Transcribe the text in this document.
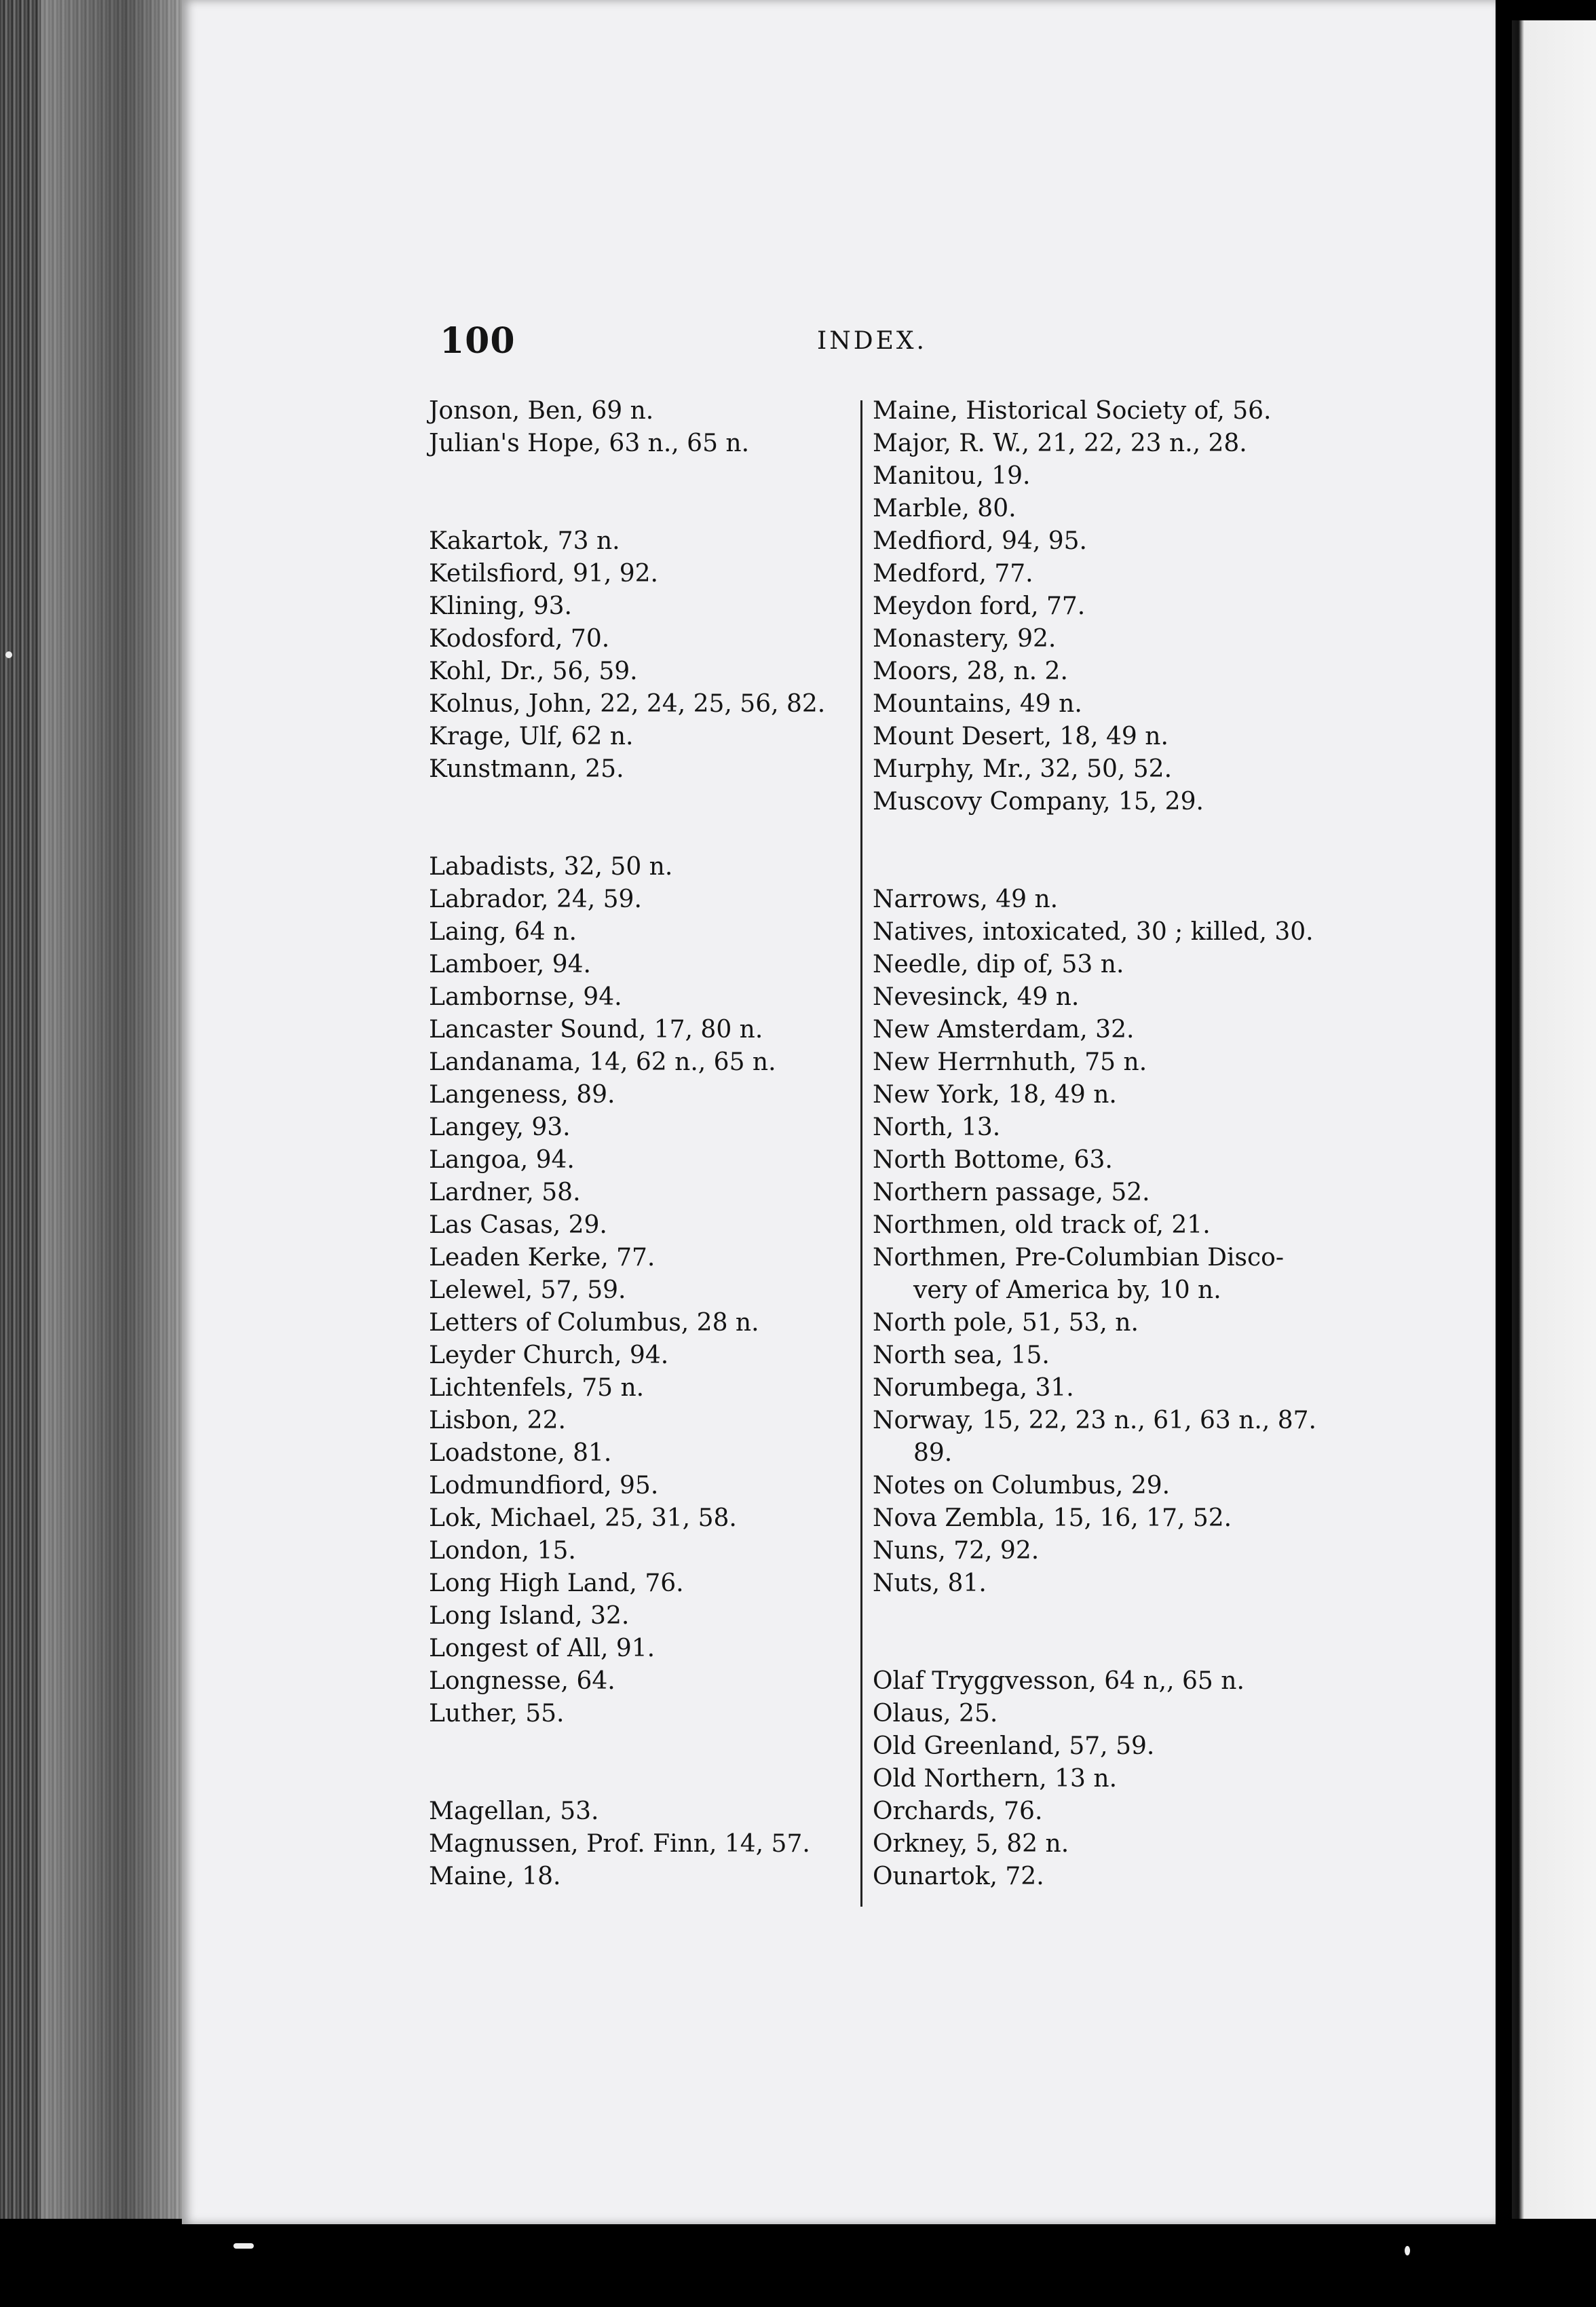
100	INDEX.
Jonson, Ben, 69 n.
Julian's Hope, 63 n., 65 n.
Kakartok, 73 n.
Ketilsfiord, 91, 92.
Klining, 93.
Kodosford, 70.
Kohl, Dr., 56, 59.
Kolnus, John, 22, 24, 25, 56, 82.
Krage, Ulf, 62 n.
Kunstmann, 25.
Labadists, 32, 50 n.
Labrador, 24, 59.
Laing, 64 n.
Lamboer, 94.
Lambornse, 94.
Lancaster Sound, 17, 80 n.
Landanama, 14, 62 n., 65 n.
Langeness, 89.
Langey, 93.
Langoa, 94.
Lardner, 58.
Las Casas, 29.
Leaden Kerke, 77.
Lelewel, 57, 59.
Letters of Columbus, 28 n.
Leyder Church, 94.
Lichtenfels, 75 n.
Lisbon, 22.
Loadstone, 81.
Lodmundfiord, 95.
Lok, Michael, 25, 31, 58.
London, 15.
Long High Land, 76.
Long Island, 32.
Longest of All, 91.
Longnesse, 64.
Luther, 55.
Magellan, 53.
Magnussen, Prof. Finn, 14, 57.
Maine, 18.
Maine, Historical Society of, 56.
Major, R. W., 21, 22, 23 n., 28.
Manitou, 19.
Marble, 80.
Medfiord, 94, 95.
Medford, 77.
Meydon ford, 77.
Monastery, 92.
Moors, 28, n. 2.
Mountains, 49 n.
Mount Desert, 18, 49 n.
Murphy, Mr., 32, 50, 52.
Muscovy Company, 15, 29.
Narrows, 49 n.
Natives, intoxicated, 30 ; killed, 30.
Needle, dip of, 53 n.
Nevesinck, 49 n.
New Amsterdam, 32.
New Herrnhuth, 75 n.
New York, 18, 49 n.
North, 13.
North Bottome, 63.
Northern passage, 52.
Northmen, old track of, 21.
Northmen, Pre-Columbian Disco-
very of America by, 10 n.
North pole, 51, 53, n.
North sea, 15.
Norumbega, 31.
Norway, 15, 22, 23 n., 61, 63 n., 87.
89.
Notes on Columbus, 29.
Nova Zembla, 15, 16, 17, 52.
Nuns, 72, 92.
Nuts, 81.
Olaf Tryggvesson, 64 n,, 65 n.
Olaus, 25.
Old Greenland, 57, 59.
Old Northern, 13 n.
Orchards, 76.
Orkney, 5, 82 n.
Ounartok, 72.
